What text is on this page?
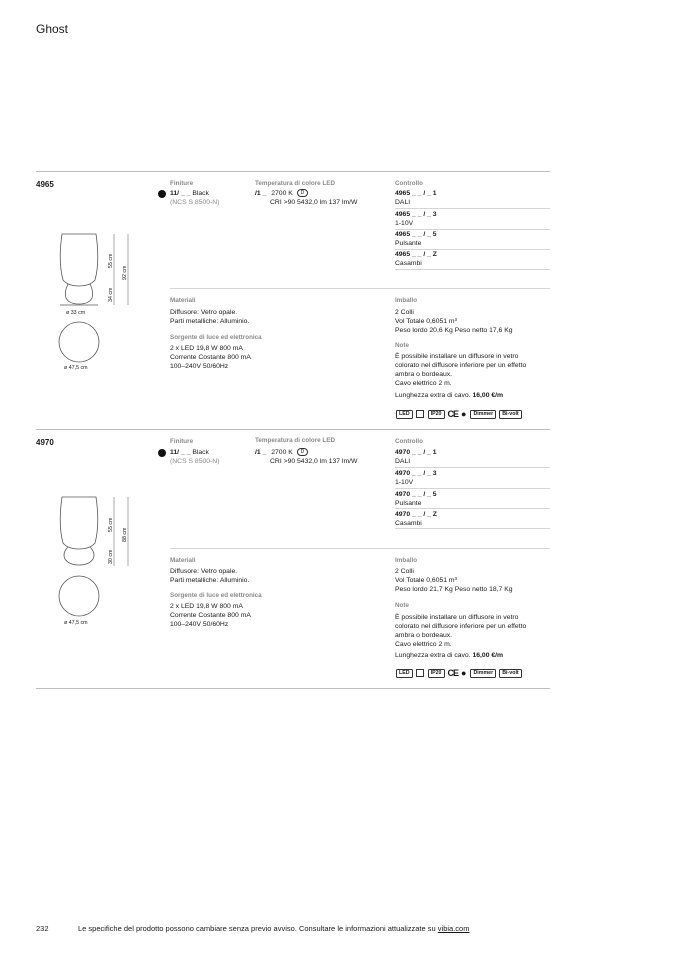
Ghost
4965
55 cm
34 cm
92 cm
ø 33 cm
ø 47,5 cm
Finiture
11/ _ _ Black
(NCS S 8500-N)
Temperatura di colore LED
/1 _ 2700 K D
CRI >90 5432,0 lm 137 lm/W
Controllo
4965 _ _ / _ 1
DALI
4965 _ _ / _ 3
1-10V
4965 _ _ / _ 5
Pulsante
4965 _ _ / _ Z
Casambi
Materiali
Diffusore: Vetro opale.
Parti metalliche: Alluminio.
Sorgente di luce ed elettronica
2 x LED 19,8 W 800 mA
Corrente Costante 800 mA
100–240V 50/60Hz
Imballo
2 Colli
Vol Totale 0,6051 m³
Peso lordo 20,6 Kg Peso netto 17,6 Kg
Note
È possibile installare un diffusore in vetro
colorato nel diffusore inferiore per un effetto
ambra o bordeaux.
Cavo elettrico 2 m.
Lunghezza extra di cavo. 16,00 €/m
LED	IP20 CE ● Dimmer Bi-volt
4970
55 cm
30 cm
88 cm
ø 47,5 cm
Finiture
11/ _ _ Black
(NCS S 8500-N)
Temperatura di colore LED
/1 _ 2700 K D
CRI >90 5432,0 lm 137 lm/W
Controllo
4970 _ _ / _ 1
DALI
4970 _ _ / _ 3
1-10V
4970 _ _ / _ 5
Pulsante
4970 _ _ / _ Z
Casambi
Materiali
Diffusore: Vetro opale.
Parti metalliche: Alluminio.
Sorgente di luce ed elettronica
2 x LED 19,8 W 800 mA
Corrente Costante 800 mA
100–240V 50/60Hz
Imballo
2 Colli
Vol Totale 0,6051 m³
Peso lordo 21,7 Kg Peso netto 18,7 Kg
Note
È possibile installare un diffusore in vetro
colorato nel diffusore inferiore per un effetto
ambra o bordeaux.
Cavo elettrico 2 m.
Lunghezza extra di cavo. 16,00 €/m
LED	IP20 CE ● Dimmer Bi-volt
232	Le specifiche del prodotto possono cambiare senza previo avviso. Consultare le informazioni attualizzate su vibia.com
